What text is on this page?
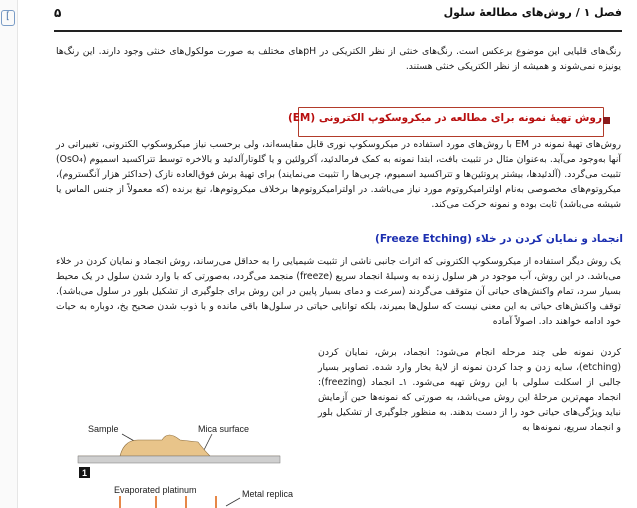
[	فصل ۱ / روش‌های مطالعهٔ سلول
۵

رنگ‌های قلیایی این موضوع برعکس است. رنگ‌های خنثی از نظر الکتریکی در pHهای مختلف به صورت مولکول‌های خنثی وجود دارند. این رنگ‌ها یونیزه نمی‌شوند و همیشه از نظر الکتریکی خنثی هستند.

روش تهیهٔ نمونه برای مطالعه در میکروسکوپ الکترونی (EM)

روش‌های تهیهٔ نمونه در EM با روش‌های مورد استفاده در میکروسکوپ نوری قابل مقایسه‌اند، ولی برحسب نیاز میکروسکوپ الکترونی، تغییراتی در آنها به‌وجود می‌آید. به‌عنوان مثال در تثبیت بافت، ابتدا نمونه به کمک فرمالدئید، آکرولئین و یا گلوتارآلدئید و بالاخره توسط تتراکسید اسمیوم (OsO₄) تثبیت می‌گردد. (آلدئیدها، بیشتر پروتئین‌ها و تتراکسید اسمیوم، چربی‌ها را تثبیت می‌نمایند) برای تهیهٔ برش فوق‌العاده نازک (حداکثر هزار آنگستروم)، میکروتوم‌های مخصوصی به‌نام اولترامیکروتوم مورد نیاز می‌باشد. در اولترامیکروتوم‌ها برخلاف میکروتوم‌ها، تیغ برنده (که معمولاً از جنس الماس یا شیشه می‌باشد) ثابت بوده و نمونه حرکت می‌کند.

انجماد و نمایان کردن در خلاء (Freeze Etching)

یک روش دیگر استفاده از میکروسکوپ الکترونی که اثرات جانبی ناشی از تثبیت شیمیایی را به حداقل می‌رساند، روش انجماد و نمایان کردن در خلاء می‌باشد. در این روش، آب موجود در هر سلول زنده به وسیلهٔ انجماد سریع (freeze) منجمد می‌گردد، به‌صورتی که با وارد شدن سلول در یک محیط بسیار سرد، تمام واکنش‌های حیاتی آن متوقف می‌گردند (سرعت و دمای بسیار پایین در این روش برای جلوگیری از تشکیل بلور در سلول می‌باشد). توقف واکنش‌های حیاتی به این معنی نیست که سلول‌ها بمیرند، بلکه توانایی حیاتی در سلول‌ها باقی مانده و با ذوب شدن صحیح یخ، دوباره به حیات خود ادامه خواهند داد. اصولاً آماده

کردن نمونه طی چند مرحله انجام می‌شود: انجماد، برش، نمایان کردن (etching)، سایه زدن و جدا کردن نمونه از لایهٔ بخار وارد شده. تصاویر بسیار جالبی از اسکلت سلولی با این روش تهیه می‌شود. ۱ـ انجماد (freezing): انجماد مهم‌ترین مرحلهٔ این روش می‌باشد، به صورتی که نمونه‌ها حین آزمایش نباید ویژگی‌های حیاتی خود را از دست بدهند. به منظور جلوگیری از تشکیل بلور و انجماد سریع، نمونه‌ها به

Sample	Mica surface
1
Evaporated platinum	Metal replica
